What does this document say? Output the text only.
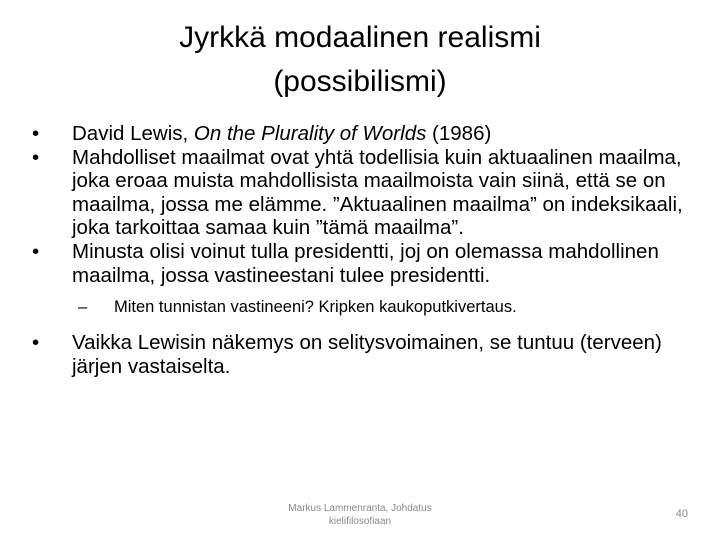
Jyrkkä modaalinen realismi
(possibilismi)
• David Lewis, On the Plurality of Worlds (1986)
• Mahdolliset maailmat ovat yhtä todellisia kuin aktuaalinen maailma, joka eroaa muista mahdollisista maailmoista vain siinä, että se on maailma, jossa me elämme. ”Aktuaalinen maailma” on indeksikaali, joka tarkoittaa samaa kuin ”tämä maailma”.
• Minusta olisi voinut tulla presidentti, joj on olemassa mahdollinen maailma, jossa vastineestani tulee presidentti.
– Miten tunnistan vastineeni? Kripken kaukoputkivertaus.
• Vaikka Lewisin näkemys on selitysvoimainen, se tuntuu (terveen) järjen vastaiselta.
Markus Lammenranta, Johdatus
kielifilosofiaan
40
